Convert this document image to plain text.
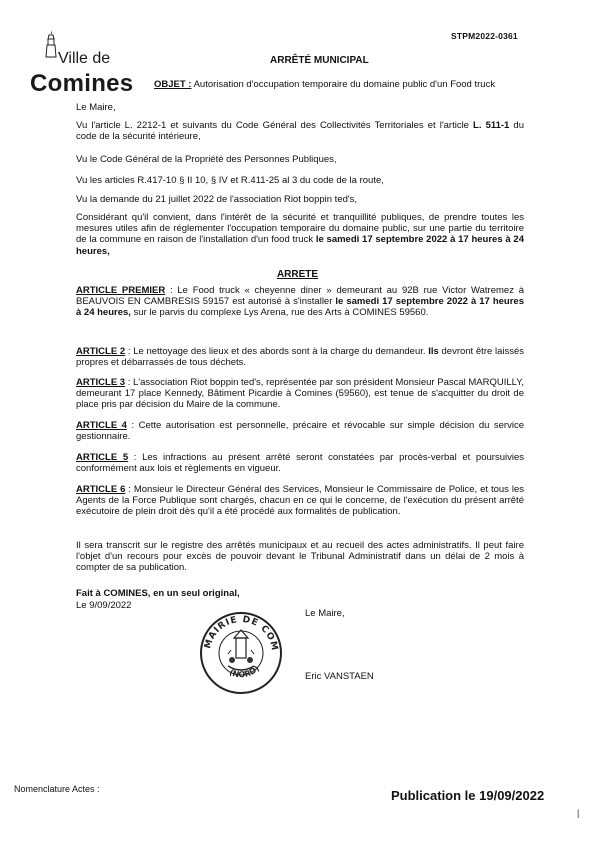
STPM2022-0361
Ville de
Comines
ARRÊTÉ MUNICIPAL
OBJET : Autorisation d'occupation temporaire du domaine public d'un Food truck
Le Maire,
Vu l'article L. 2212-1 et suivants du Code Général des Collectivités Territoriales et l'article L. 511-1 du code de la sécurité intérieure,
Vu le Code Général de la Propriété des Personnes Publiques,
Vu les articles R.417-10 § II 10, § IV et R.411-25 al 3 du code de la route,
Vu la demande du 21 juillet 2022 de l'association Riot boppin ted's,
Considérant qu'il convient, dans l'intérêt de la sécurité et tranquillité publiques, de prendre toutes les mesures utiles afin de réglementer l'occupation temporaire du domaine public, sur une partie du territoire de la commune en raison de l'installation d'un food truck le samedi 17 septembre 2022 à 17 heures à 24 heures,
ARRETE
ARTICLE PREMIER : Le Food truck « cheyenne diner » demeurant au 92B rue Victor Watremez à BEAUVOIS EN CAMBRESIS 59157 est autorisé à s'installer le samedi 17 septembre 2022 à 17 heures à 24 heures, sur le parvis du complexe Lys Arena, rue des Arts à COMINES 59560.
ARTICLE 2 : Le nettoyage des lieux et des abords sont à la charge du demandeur. Ils devront être laissés propres et débarrassés de tous déchets.
ARTICLE 3 : L'association Riot boppin ted's, représentée par son président Monsieur Pascal MARQUILLY, demeurant 17 place Kennedy, Bâtiment Picardie à Comines (59560), est tenue de s'acquitter du droit de place pris par décision du Maire de la commune.
ARTICLE 4 : Cette autorisation est personnelle, précaire et révocable sur simple décision du service gestionnaire.
ARTICLE 5 : Les infractions au présent arrêté seront constatées par procès-verbal et poursuivies conformément aux lois et règlements en vigueur.
ARTICLE 6 : Monsieur le Directeur Général des Services, Monsieur le Commissaire de Police, et tous les Agents de la Force Publique sont chargés, chacun en ce qui le concerne, de l'exécution du présent arrêté exécutoire de plein droit dès qu'il a été procédé aux formalités de publication.
Il sera transcrit sur le registre des arrêtés municipaux et au recueil des actes administratifs. Il peut faire l'objet d'un recours pour excès de pouvoir devant le Tribunal Administratif dans un délai de 2 mois à compter de sa publication.
Fait à COMINES, en un seul original,
Le 9/09/2022
Le Maire,
MAIRIE DE COM
(NORD)
Eric VANSTAEN
Nomenclature Actes :	Publication le 19/09/2022
|
